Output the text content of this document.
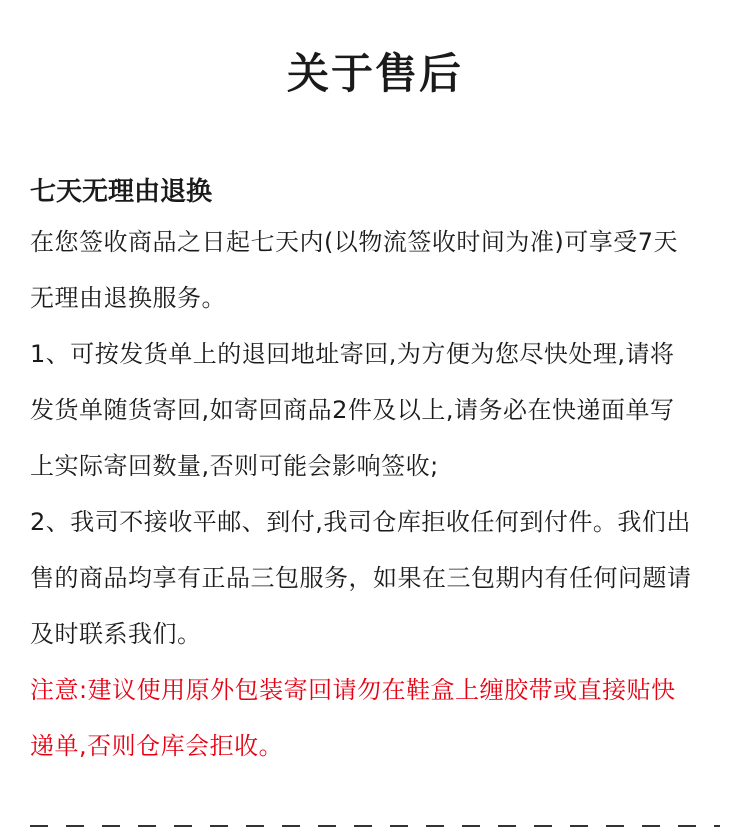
关于售后
七天无理由退换

在您签收商品之日起七天内(以物流签收时间为准)可享受7天
无理由退换服务。

1、可按发货单上的退回地址寄回,为方便为您尽快处理,请将
发货单随货寄回,如寄回商品2件及以上,请务必在快递面单写
上实际寄回数量,否则可能会影响签收;

2、我司不接收平邮、到付,我司仓库拒收任何到付件。我们出
售的商品均享有正品三包服务，如果在三包期内有任何问题请
及时联系我们。

注意:建议使用原外包装寄回请勿在鞋盒上缠胶带或直接贴快
递单,否则仓库会拒收。
